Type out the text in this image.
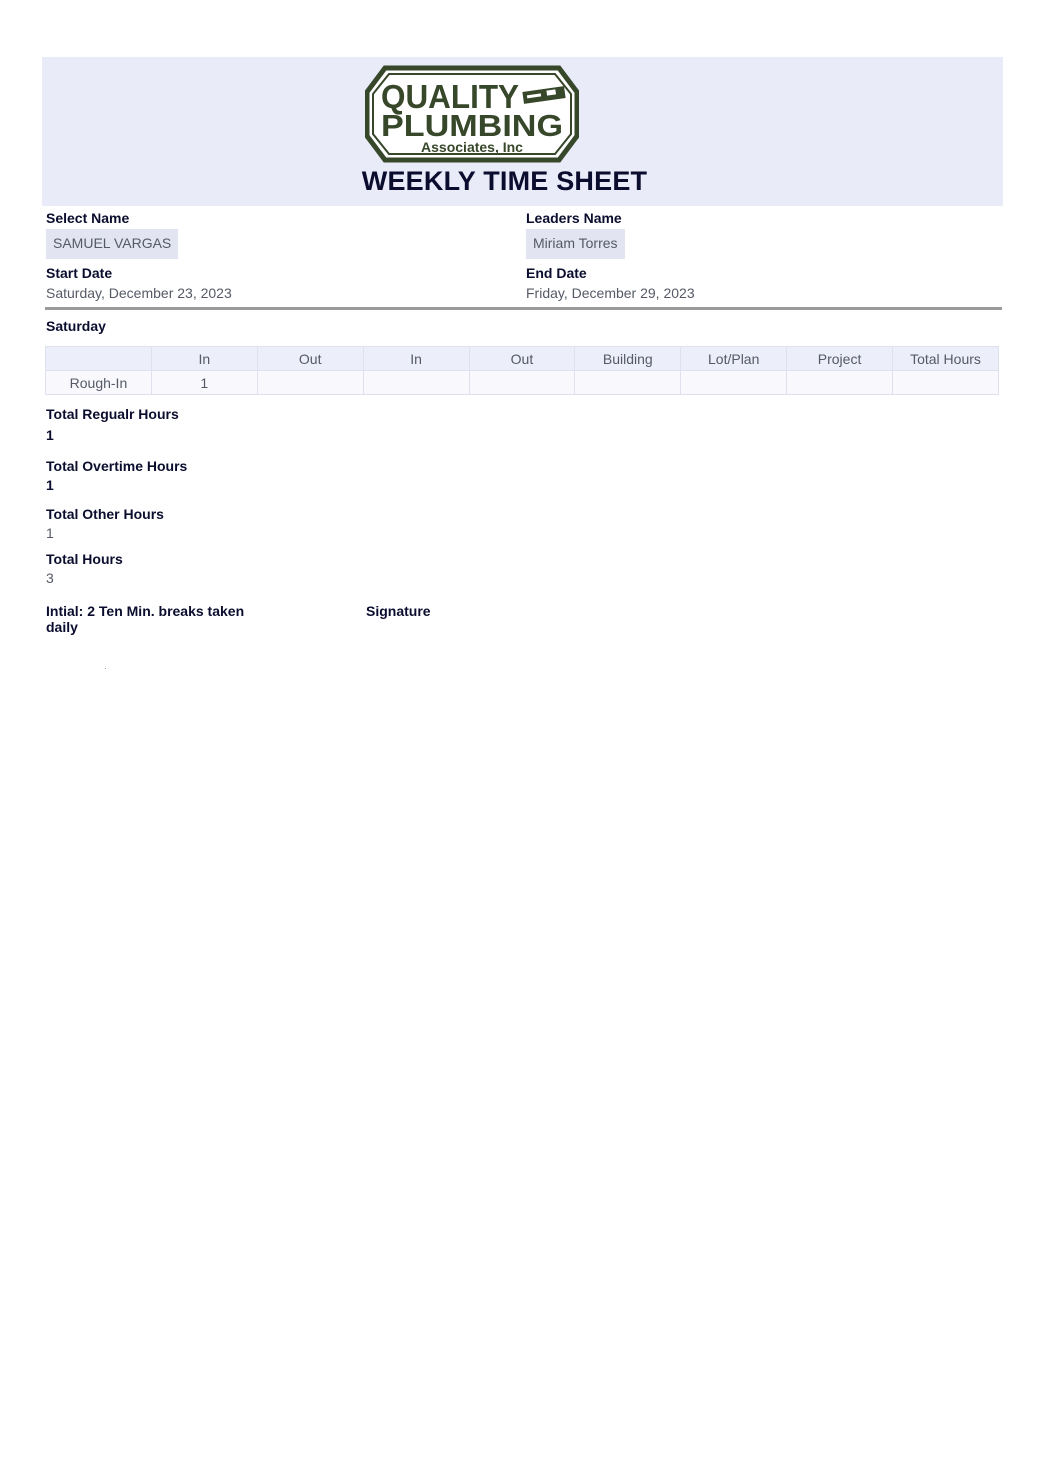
QUALITY
PLUMBING
Associates, Inc
WEEKLY TIME SHEET
Select Name
SAMUEL VARGAS
Leaders Name
Miriam Torres
Start Date
Saturday, December 23, 2023
End Date
Friday, December 29, 2023
Saturday
	In	Out	In	Out	Building	Lot/Plan	Project	Total Hours
Rough-In	1							
Total Regualr Hours
1
Total Overtime Hours
1
Total Other Hours
1
Total Hours
3
Intial: 2 Ten Min. breaks taken daily
Signature
